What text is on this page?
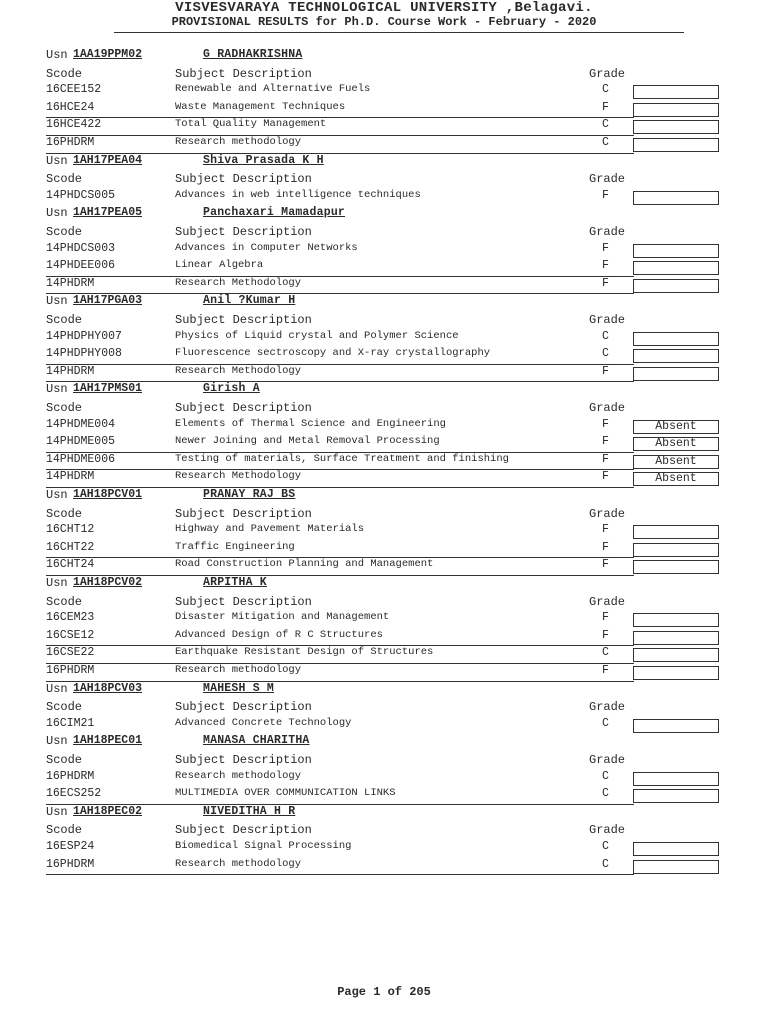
VISVESVARAYA TECHNOLOGICAL UNIVERSITY ,Belagavi.
PROVISIONAL RESULTS for Ph.D. Course Work - February - 2020
Usn 1AA19PPM02	G RADHAKRISHNA
Scode	Subject Description	Grade
16CEE152	Renewable and Alternative Fuels	C
16HCE24	Waste Management Techniques	F
16HCE422	Total Quality Management	C
16PHDRM	Research methodology	C
Usn 1AH17PEA04	Shiva Prasada K H
Scode	Subject Description	Grade
14PHDCS005	Advances in web intelligence techniques	F
Usn 1AH17PEA05	Panchaxari Mamadapur
Scode	Subject Description	Grade
14PHDCS003	Advances in Computer Networks	F
14PHDEE006	Linear Algebra	F
14PHDRM	Research Methodology	F
Usn 1AH17PGA03	Anil ?Kumar H
Scode	Subject Description	Grade
14PHDPHY007	Physics of Liquid crystal and Polymer Science	C
14PHDPHY008	Fluorescence sectroscopy and X-ray crystallography	C
14PHDRM	Research Methodology	F
Usn 1AH17PMS01	Girish A
Scode	Subject Description	Grade
14PHDME004	Elements of Thermal Science and Engineering	F	Absent
14PHDME005	Newer Joining and Metal Removal Processing	F	Absent
14PHDME006	Testing of materials, Surface Treatment and finishing	F	Absent
14PHDRM	Research Methodology	F	Absent
Usn 1AH18PCV01	PRANAY RAJ BS
Scode	Subject Description	Grade
16CHT12	Highway and Pavement Materials	F
16CHT22	Traffic Engineering	F
16CHT24	Road Construction Planning and Management	F
Usn 1AH18PCV02	ARPITHA K
Scode	Subject Description	Grade
16CEM23	Disaster Mitigation and Management	F
16CSE12	Advanced Design of R C Structures	F
16CSE22	Earthquake Resistant Design of Structures	C
16PHDRM	Research methodology	F
Usn 1AH18PCV03	MAHESH S M
Scode	Subject Description	Grade
16CIM21	Advanced Concrete Technology	C
Usn 1AH18PEC01	MANASA CHARITHA
Scode	Subject Description	Grade
16PHDRM	Research methodology	C
16ECS252	MULTIMEDIA OVER COMMUNICATION LINKS	C
Usn 1AH18PEC02	NIVEDITHA H R
Scode	Subject Description	Grade
16ESP24	Biomedical Signal Processing	C
16PHDRM	Research methodology	C
Page 1 of 205
